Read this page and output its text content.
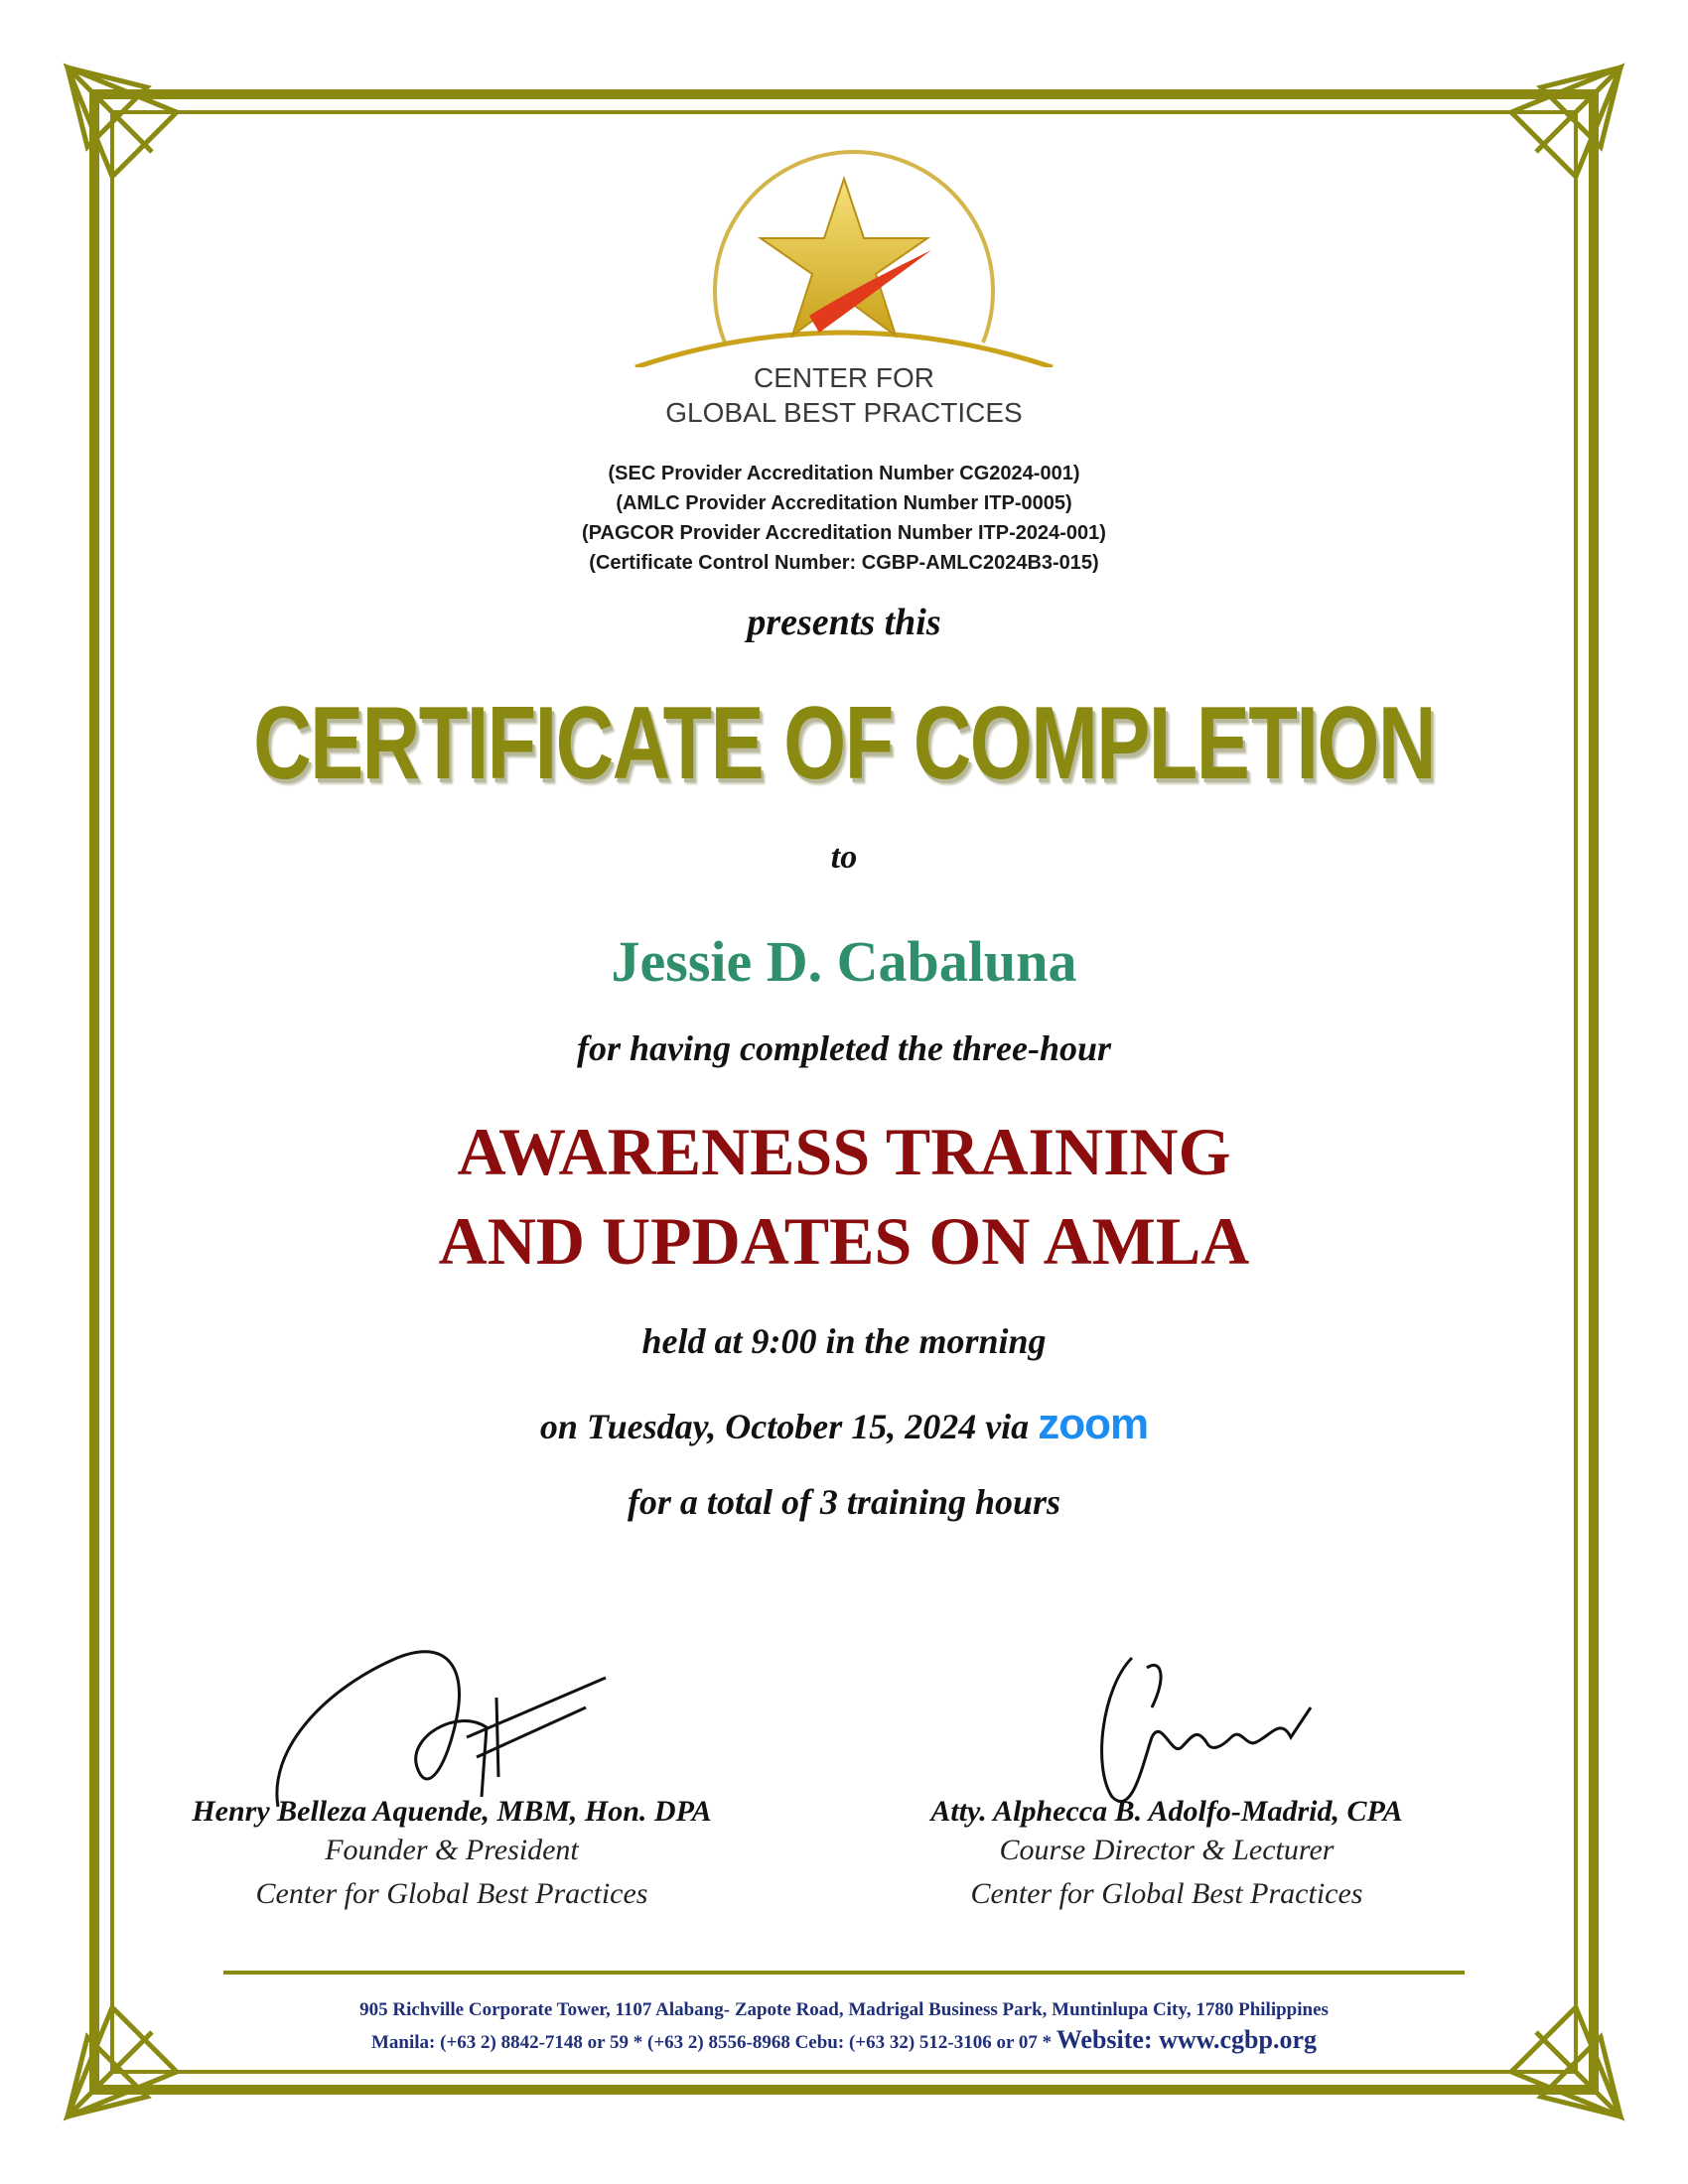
CENTER FOR
GLOBAL BEST PRACTICES
(SEC Provider Accreditation Number CG2024-001)
(AMLC Provider Accreditation Number ITP-0005)
(PAGCOR Provider Accreditation Number ITP-2024-001)
(Certificate Control Number: CGBP-AMLC2024B3-015)
presents this
CERTIFICATE OF COMPLETION
to
Jessie D. Cabaluna
for having completed the three-hour
AWARENESS TRAINING
AND UPDATES ON AMLA
held at 9:00 in the morning
on Tuesday, October 15, 2024 via zoom
for a total of 3 training hours
Henry Belleza Aquende, MBM, Hon. DPA
Founder & President
Center for Global Best Practices
Atty. Alphecca B. Adolfo-Madrid, CPA
Course Director & Lecturer
Center for Global Best Practices
905 Richville Corporate Tower, 1107 Alabang- Zapote Road, Madrigal Business Park, Muntinlupa City, 1780 Philippines
Manila: (+63 2) 8842-7148 or 59 * (+63 2) 8556-8968 Cebu: (+63 32) 512-3106 or 07 * Website: www.cgbp.org
